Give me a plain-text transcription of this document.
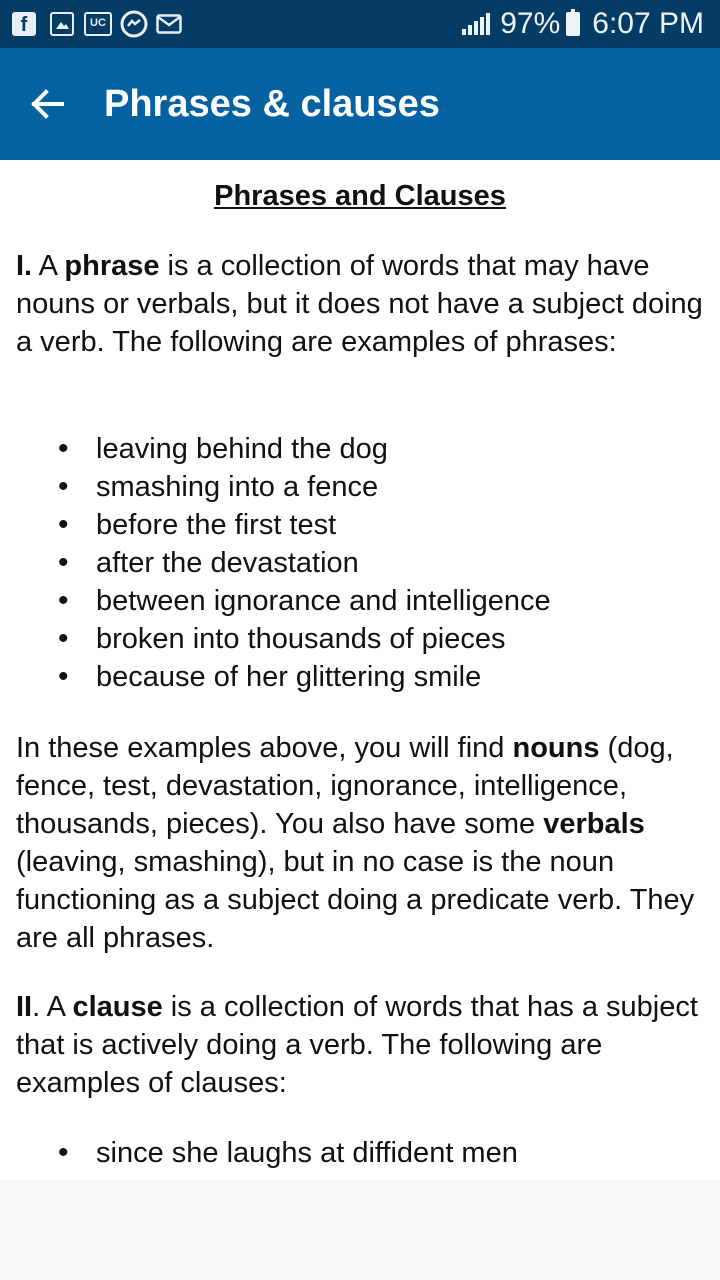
f	UC	97% 6:07 PM
Phrases & clauses
Phrases and Clauses

I. A phrase is a collection of words that may have nouns or verbals, but it does not have a subject doing a verb. The following are examples of phrases:

• leaving behind the dog
• smashing into a fence
• before the first test
• after the devastation
• between ignorance and intelligence
• broken into thousands of pieces
• because of her glittering smile

In these examples above, you will find nouns (dog, fence, test, devastation, ignorance, intelligence, thousands, pieces). You also have some verbals (leaving, smashing), but in no case is the noun functioning as a subject doing a predicate verb. They are all phrases.

II. A clause is a collection of words that has a subject that is actively doing a verb. The following are examples of clauses:

• since she laughs at diffident men
